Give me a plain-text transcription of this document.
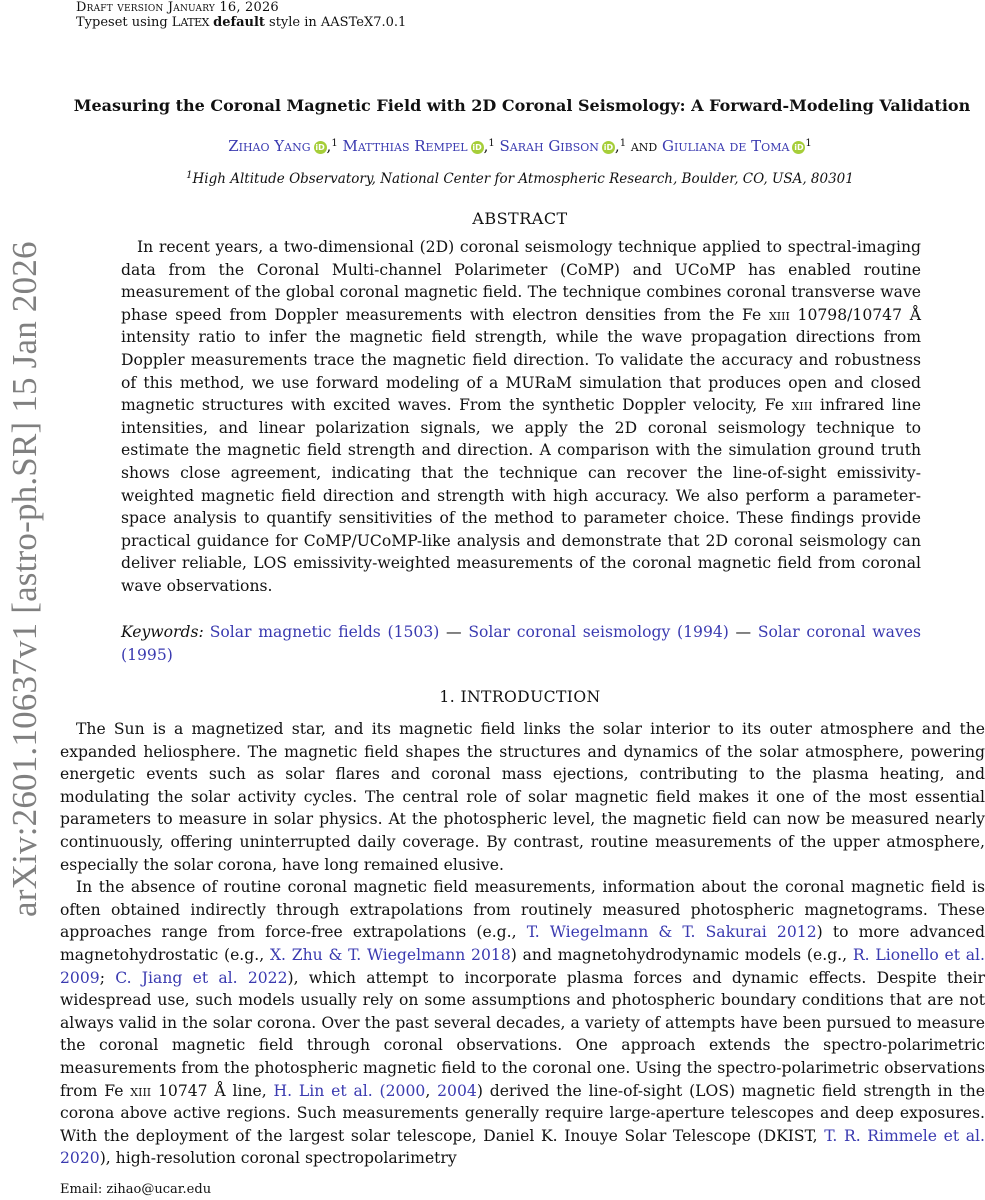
Draft version January 16, 2026
Typeset using LATEX default style in AASTeX7.0.1
arXiv:2601.10637v1 [astro-ph.SR] 15 Jan 2026
Measuring the Coronal Magnetic Field with 2D Coronal Seismology: A Forward-Modeling Validation
Zihao Yang iD ,$^1$ Matthias Rempel iD ,$^1$ Sarah Gibson iD ,$^1$ and Giuliana de Toma iD $^1$
$^1$High Altitude Observatory, National Center for Atmospheric Research, Boulder, CO, USA, 80301
ABSTRACT
In recent years, a two-dimensional (2D) coronal seismology technique applied to spectral-imaging data from the Coronal Multi-channel Polarimeter (CoMP) and UCoMP has enabled routine measurement of the global coronal magnetic field. The technique combines coronal transverse wave phase speed from Doppler measurements with electron densities from the Fe xiii 10798/10747 Å intensity ratio to infer the magnetic field strength, while the wave propagation directions from Doppler measurements trace the magnetic field direction. To validate the accuracy and robustness of this method, we use forward modeling of a MURaM simulation that produces open and closed magnetic structures with excited waves. From the synthetic Doppler velocity, Fe xiii infrared line intensities, and linear polarization signals, we apply the 2D coronal seismology technique to estimate the magnetic field strength and direction. A comparison with the simulation ground truth shows close agreement, indicating that the technique can recover the line-of-sight emissivity-weighted magnetic field direction and strength with high accuracy. We also perform a parameter-space analysis to quantify sensitivities of the method to parameter choice. These findings provide practical guidance for CoMP/UCoMP-like analysis and demonstrate that 2D coronal seismology can deliver reliable, LOS emissivity-weighted measurements of the coronal magnetic field from coronal wave observations.
Keywords: Solar magnetic fields (1503) — Solar coronal seismology (1994) — Solar coronal waves (1995)
1. INTRODUCTION

The Sun is a magnetized star, and its magnetic field links the solar interior to its outer atmosphere and the expanded heliosphere. The magnetic field shapes the structures and dynamics of the solar atmosphere, powering energetic events such as solar flares and coronal mass ejections, contributing to the plasma heating, and modulating the solar activity cycles. The central role of solar magnetic field makes it one of the most essential parameters to measure in solar physics. At the photospheric level, the magnetic field can now be measured nearly continuously, offering uninterrupted daily coverage. By contrast, routine measurements of the upper atmosphere, especially the solar corona, have long remained elusive.

In the absence of routine coronal magnetic field measurements, information about the coronal magnetic field is often obtained indirectly through extrapolations from routinely measured photospheric magnetograms. These approaches range from force-free extrapolations (e.g., T. Wiegelmann & T. Sakurai 2012) to more advanced magnetohydrostatic (e.g., X. Zhu & T. Wiegelmann 2018) and magnetohydrodynamic models (e.g., R. Lionello et al. 2009; C. Jiang et al. 2022), which attempt to incorporate plasma forces and dynamic effects. Despite their widespread use, such models usually rely on some assumptions and photospheric boundary conditions that are not always valid in the solar corona. Over the past several decades, a variety of attempts have been pursued to measure the coronal magnetic field through coronal observations. One approach extends the spectro-polarimetric measurements from the photospheric magnetic field to the coronal one. Using the spectro-polarimetric observations from Fe xiii 10747 Å line, H. Lin et al. (2000, 2004) derived the line-of-sight (LOS) magnetic field strength in the corona above active regions. Such measurements generally require large-aperture telescopes and deep exposures. With the deployment of the largest solar telescope, Daniel K. Inouye Solar Telescope (DKIST, T. R. Rimmele et al. 2020), high-resolution coronal spectropolarimetry

Email: zihao@ucar.edu
